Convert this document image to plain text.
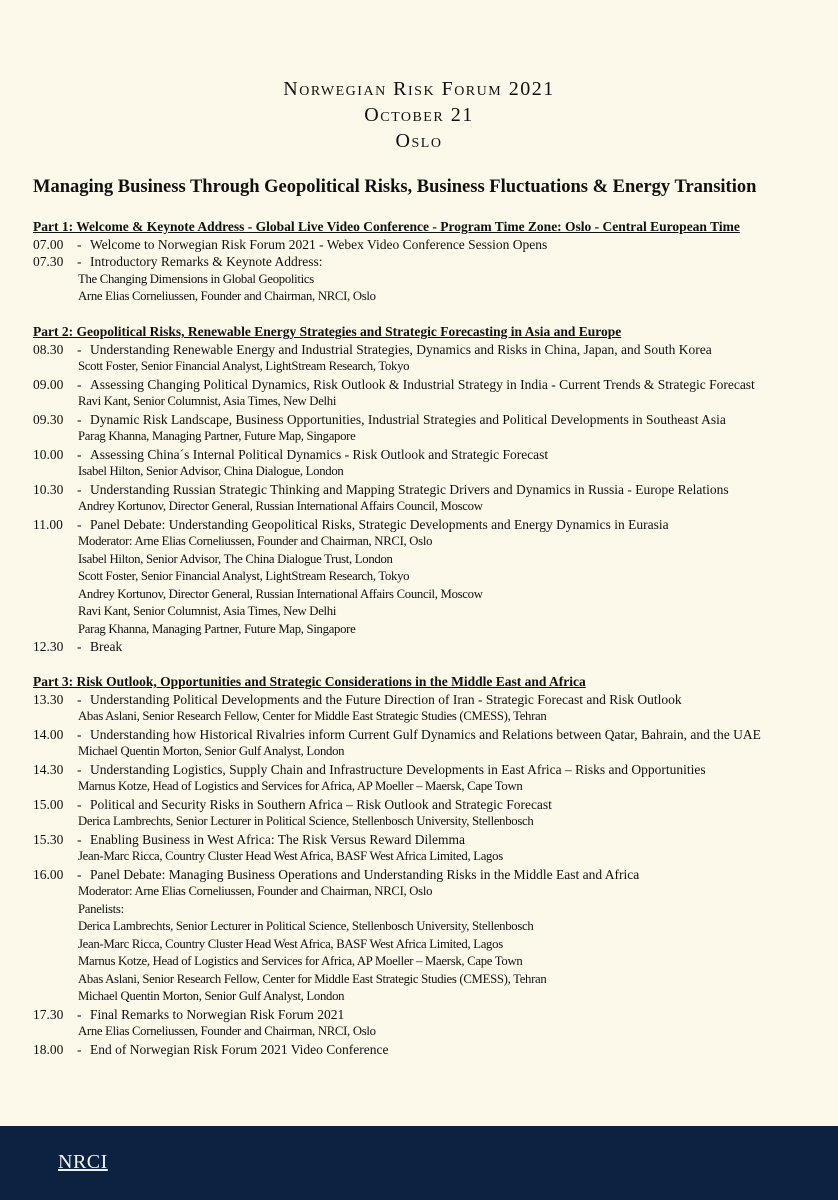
Norwegian Risk Forum 2021
October 21
Oslo
Managing Business Through Geopolitical Risks, Business Fluctuations & Energy Transition
Part 1: Welcome & Keynote Address - Global Live Video Conference - Program Time Zone: Oslo - Central European Time
07.00	- Welcome to Norwegian Risk Forum 2021 - Webex Video Conference Session Opens
07.30	- Introductory Remarks & Keynote Address:
The Changing Dimensions in Global Geopolitics
Arne Elias Corneliussen, Founder and Chairman, NRCI, Oslo
Part 2: Geopolitical Risks, Renewable Energy Strategies and Strategic Forecasting in Asia and Europe
08.30	- Understanding Renewable Energy and Industrial Strategies, Dynamics and Risks in China, Japan, and South Korea
Scott Foster, Senior Financial Analyst, LightStream Research, Tokyo
09.00	- Assessing Changing Political Dynamics, Risk Outlook & Industrial Strategy in India - Current Trends & Strategic Forecast
Ravi Kant, Senior Columnist, Asia Times, New Delhi
09.30	- Dynamic Risk Landscape, Business Opportunities, Industrial Strategies and Political Developments in Southeast Asia
Parag Khanna, Managing Partner, Future Map, Singapore
10.00	- Assessing China´s Internal Political Dynamics - Risk Outlook and Strategic Forecast
Isabel Hilton, Senior Advisor, China Dialogue, London
10.30	- Understanding Russian Strategic Thinking and Mapping Strategic Drivers and Dynamics in Russia - Europe Relations
Andrey Kortunov, Director General, Russian International Affairs Council, Moscow
11.00	- Panel Debate: Understanding Geopolitical Risks, Strategic Developments and Energy Dynamics in Eurasia
Moderator: Arne Elias Corneliussen, Founder and Chairman, NRCI, Oslo
Isabel Hilton, Senior Advisor, The China Dialogue Trust, London
Scott Foster, Senior Financial Analyst, LightStream Research, Tokyo
Andrey Kortunov, Director General, Russian International Affairs Council, Moscow
Ravi Kant, Senior Columnist, Asia Times, New Delhi
Parag Khanna, Managing Partner, Future Map, Singapore
12.30	- Break
Part 3: Risk Outlook, Opportunities and Strategic Considerations in the Middle East and Africa
13.30	- Understanding Political Developments and the Future Direction of Iran - Strategic Forecast and Risk Outlook
Abas Aslani, Senior Research Fellow, Center for Middle East Strategic Studies (CMESS), Tehran
14.00	- Understanding how Historical Rivalries inform Current Gulf Dynamics and Relations between Qatar, Bahrain, and the UAE
Michael Quentin Morton, Senior Gulf Analyst, London
14.30	- Understanding Logistics, Supply Chain and Infrastructure Developments in East Africa – Risks and Opportunities
Marnus Kotze, Head of Logistics and Services for Africa, AP Moeller – Maersk, Cape Town
15.00	- Political and Security Risks in Southern Africa – Risk Outlook and Strategic Forecast
Derica Lambrechts, Senior Lecturer in Political Science, Stellenbosch University, Stellenbosch
15.30	- Enabling Business in West Africa: The Risk Versus Reward Dilemma
Jean-Marc Ricca, Country Cluster Head West Africa, BASF West Africa Limited, Lagos
16.00	- Panel Debate: Managing Business Operations and Understanding Risks in the Middle East and Africa
Moderator: Arne Elias Corneliussen, Founder and Chairman, NRCI, Oslo
Panelists:
Derica Lambrechts, Senior Lecturer in Political Science, Stellenbosch University, Stellenbosch
Jean-Marc Ricca, Country Cluster Head West Africa, BASF West Africa Limited, Lagos
Marnus Kotze, Head of Logistics and Services for Africa, AP Moeller – Maersk, Cape Town
Abas Aslani, Senior Research Fellow, Center for Middle East Strategic Studies (CMESS), Tehran
Michael Quentin Morton, Senior Gulf Analyst, London
17.30	- Final Remarks to Norwegian Risk Forum 2021
Arne Elias Corneliussen, Founder and Chairman, NRCI, Oslo
18.00	- End of Norwegian Risk Forum 2021 Video Conference
NRCI
